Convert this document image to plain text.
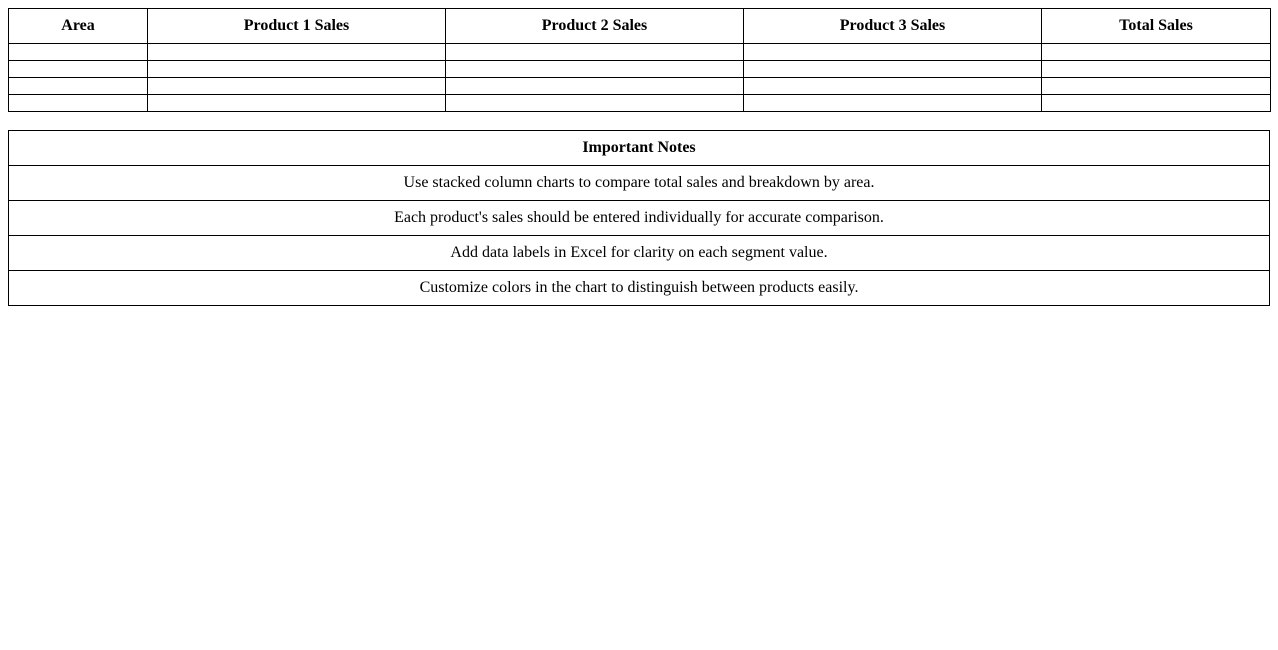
Area	Product 1 Sales	Product 2 Sales	Product 3 Sales	Total Sales

Important Notes
Use stacked column charts to compare total sales and breakdown by area.
Each product's sales should be entered individually for accurate comparison.
Add data labels in Excel for clarity on each segment value.
Customize colors in the chart to distinguish between products easily.
